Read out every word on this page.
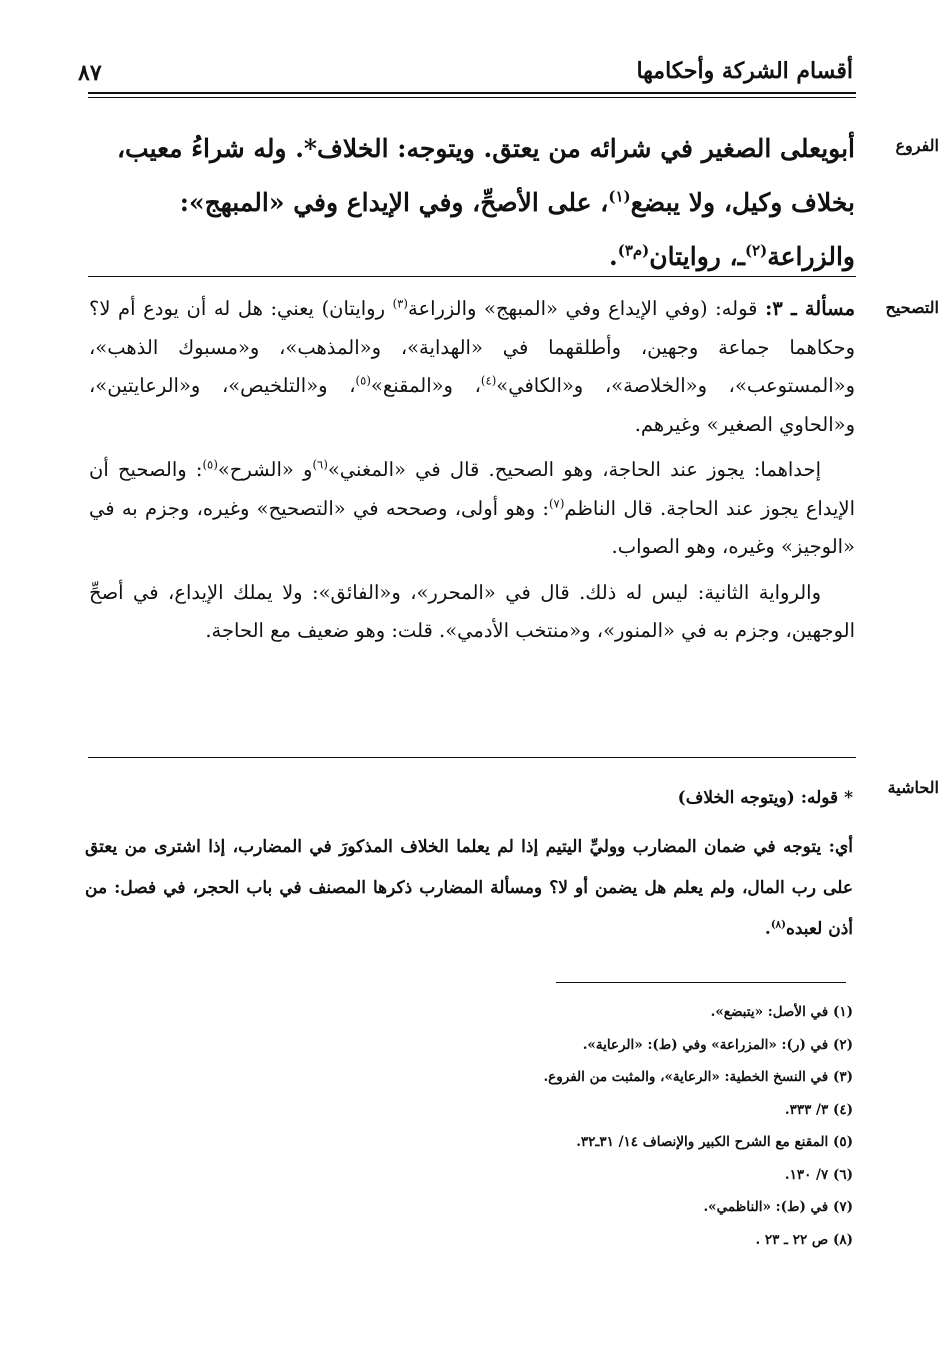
٨٧	أقسام الشركة وأحكامها
الفروع
التصحيح
الحاشية
أبويعلى الصغير في شرائه من يعتق. ويتوجه: الخلاف*. وله شراءُ معيب،
بخلاف وكيل، ولا يبضع$^{(١)}$، على الأصحِّ، وفي الإيداع وفي «المبهج»:
والزراعة$^{(٢)}$ـ، روايتان$^{(م٣)}$.

مسألة ـ ٣: قوله: (وفي الإيداع وفي «المبهج» والزراعة$^{(٣)}$ روايتان) يعني: هل له أن يودع أم لا؟ وحكاهما جماعة وجهين، وأطلقهما في «الهداية»، و«المذهب»، و«مسبوك الذهب»، و«المستوعب»، و«الخلاصة»، و«الكافي»$^{(٤)}$، و«المقنع»$^{(٥)}$، و«التلخيص»، و«الرعايتين»، و«الحاوي الصغير» وغيرهم.

إحداهما: يجوز عند الحاجة، وهو الصحيح. قال في «المغني»$^{(٦)}$و «الشرح»$^{(٥)}$: والصحيح أن الإيداع يجوز عند الحاجة. قال الناظم$^{(٧)}$: وهو أولى، وصححه في «التصحيح» وغيره، وجزم به في «الوجيز» وغيره، وهو الصواب.

والرواية الثانية: ليس له ذلك. قال في «المحرر»، و«الفائق»: ولا يملك الإيداع، في أصحِّ الوجهين، وجزم به في «المنور»، و«منتخب الأدمي». قلت: وهو ضعيف مع الحاجة.

* قوله: (ويتوجه الخلاف)

أي: يتوجه في ضمان المضارب ووليِّ اليتيم إذا لم يعلما الخلاف المذكورَ في المضارب، إذا اشترى من يعتق على رب المال، ولم يعلم هل يضمن أو لا؟ ومسألة المضارب ذكرها المصنف في باب الحجر، في فصل: من أذن لعبده$^{(٨)}$.

(١) في الأصل: «يتبضع».
(٢) في (ر): «المزراعة» وفي (ط): «الرعاية».
(٣) في النسخ الخطية: «الرعاية»، والمثبت من الفروع.
(٤) ٣/ ٣٣٣.
(٥) المقنع مع الشرح الكبير والإنصاف ١٤/ ٣١ـ٣٢.
(٦) ٧/ ١٣٠.
(٧) في (ط): «الناظمي».
(٨) ص ٢٢ ـ ٢٣ .
